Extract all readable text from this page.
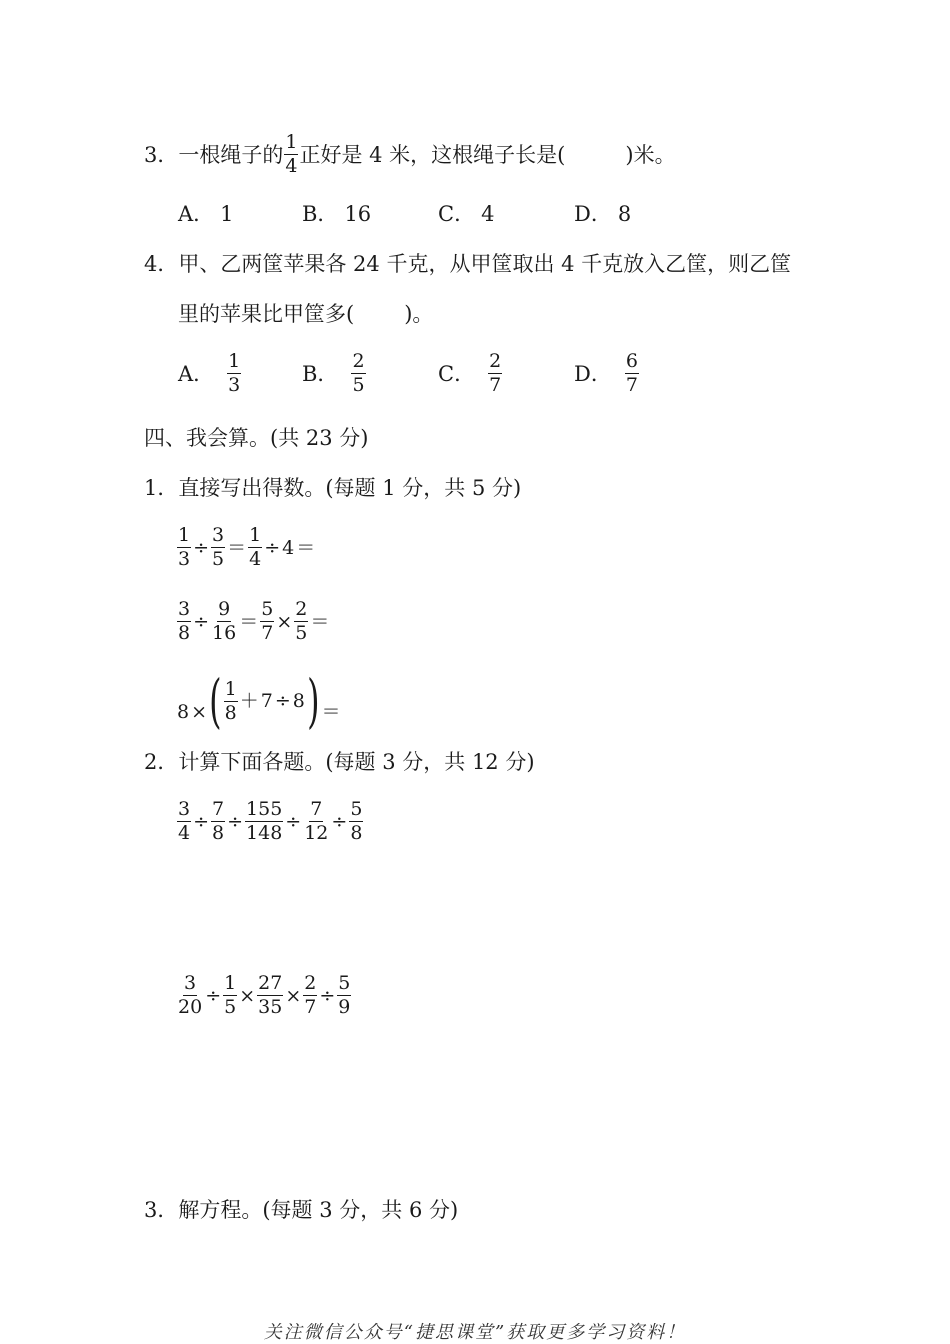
3． 一根绳子的 $\frac{1}{4}$ 正好是 4 米，这根绳子长是(	)米。
A． 1	B． 16	C． 4	D． 8
4．甲、乙两筐苹果各 24 千克，从甲筐取出 4 千克放入乙筐，则乙筐
里的苹果比甲筐多( )。
A． $\frac{1}{3}$	B． $\frac{2}{5}$	C． $\frac{2}{7}$	D． $\frac{6}{7}$
四、我会算。(共 23 分)
1．直接写出得数。(每题 1 分，共 5 分)
$\frac{1}{3} \div \frac{3}{5} = \frac{1}{4} \div 4$ ＝
$\frac{3}{8} \div \frac{9}{16} = \frac{5}{7} \times \frac{2}{5}$ ＝
8 × ( $\frac{1}{8} + 7 \div 8$ ) ＝
2．计算下面各题。(每题 3 分，共 12 分)
$\frac{3}{4} \div \frac{7}{8} \div \frac{155}{148} \div \frac{7}{12} \div \frac{5}{8}$
$\frac{3}{20} \div \frac{1}{5} \times \frac{27}{35} \times \frac{2}{7} \div \frac{5}{9}$
3．解方程。(每题 3 分，共 6 分)
关注微信公众号“捷思课堂”获取更多学习资料！
